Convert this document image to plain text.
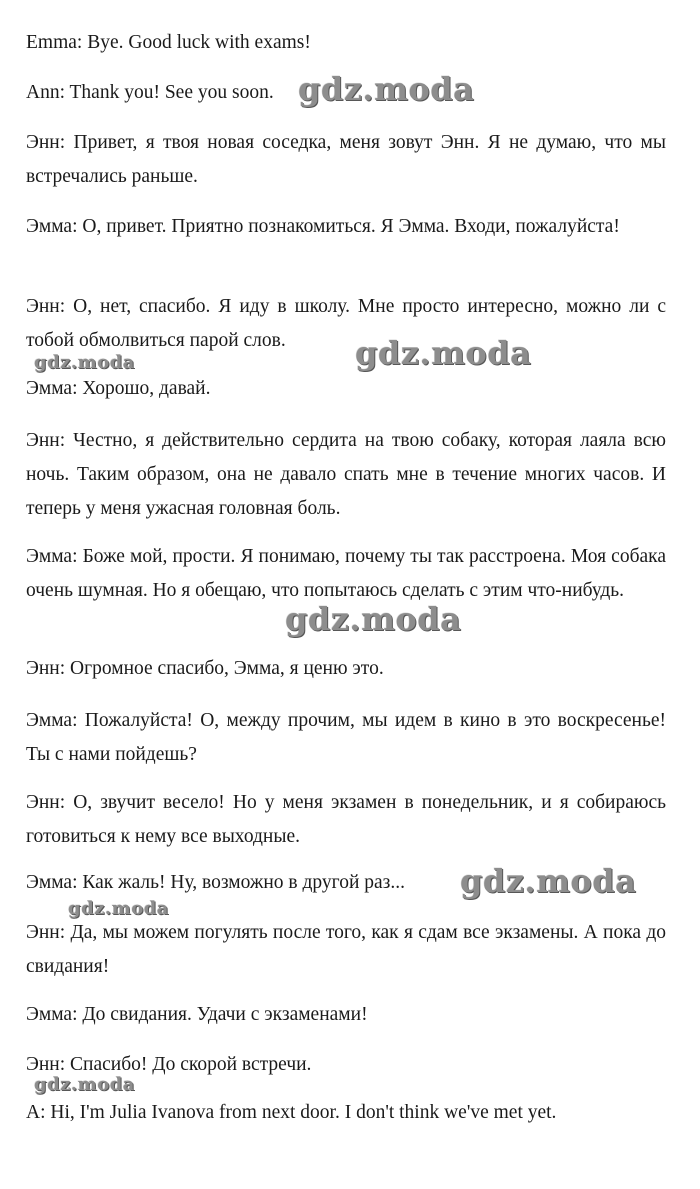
Emma: Bye. Good luck with exams!

Ann: Thank you! See you soon.

Энн: Привет, я твоя новая соседка, меня зовут Энн. Я не думаю, что мы встречались раньше.

Эмма: О, привет. Приятно познакомиться. Я Эмма. Входи, пожалуйста!

Энн: О, нет, спасибо. Я иду в школу. Мне просто интересно, можно ли с тобой обмолвиться парой слов.

Эмма: Хорошо, давай.

Энн: Честно, я действительно сердита на твою собаку, которая лаяла всю ночь. Таким образом, она не давало спать мне в течение многих часов. И теперь у меня ужасная головная боль.

Эмма: Боже мой, прости. Я понимаю, почему ты так расстроена. Моя собака очень шумная. Но я обещаю, что попытаюсь сделать с этим что-нибудь.

Энн: Огромное спасибо, Эмма, я ценю это.

Эмма: Пожалуйста! О, между прочим, мы идем в кино в это воскресенье! Ты с нами пойдешь?

Энн: О, звучит весело! Но у меня экзамен в понедельник, и я собираюсь готовиться к нему все выходные.

Эмма: Как жаль! Ну, возможно в другой раз...

Энн: Да, мы можем погулять после того, как я сдам все экзамены. А пока до свидания!

Эмма: До свидания. Удачи с экзаменами!

Энн: Спасибо! До скорой встречи.

A: Hi, I'm Julia Ivanova from next door. I don't think we've met yet.

gdz.moda
gdz.moda	gdz.moda
gdz.moda
gdz.moda
gdz.moda
gdz.moda
